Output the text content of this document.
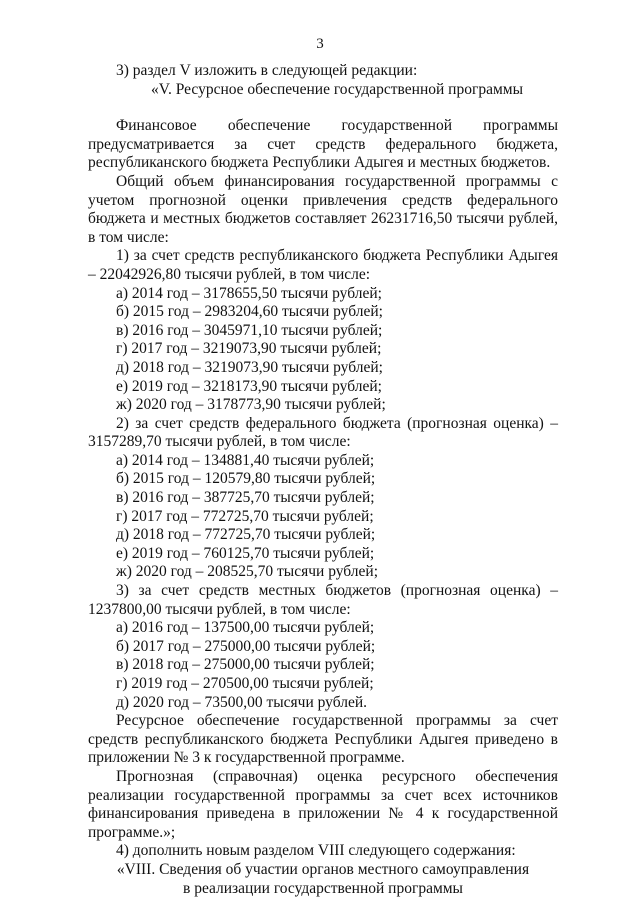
3

3) раздел V изложить в следующей редакции:

«V. Ресурсное обеспечение государственной программы

Финансовое обеспечение государственной программы предусматривается за счет средств федерального бюджета, республиканского бюджета Республики Адыгея и местных бюджетов.

Общий объем финансирования государственной программы с учетом прогнозной оценки привлечения средств федерального бюджета и местных бюджетов составляет 26231716,50 тысячи рублей, в том числе:

1) за счет средств республиканского бюджета Республики Адыгея – 22042926,80 тысячи рублей, в том числе:

а) 2014 год – 3178655,50 тысячи рублей;

б) 2015 год – 2983204,60 тысячи рублей;

в) 2016 год – 3045971,10 тысячи рублей;

г) 2017 год – 3219073,90 тысячи рублей;

д) 2018 год – 3219073,90 тысячи рублей;

е) 2019 год – 3218173,90 тысячи рублей;

ж) 2020 год – 3178773,90 тысячи рублей;

2) за счет средств федерального бюджета (прогнозная оценка) – 3157289,70 тысячи рублей, в том числе:

а) 2014 год – 134881,40 тысячи рублей;

б) 2015 год – 120579,80 тысячи рублей;

в) 2016 год – 387725,70 тысячи рублей;

г) 2017 год – 772725,70 тысячи рублей;

д) 2018 год – 772725,70 тысячи рублей;

е) 2019 год – 760125,70 тысячи рублей;

ж) 2020 год – 208525,70 тысячи рублей;

3) за счет средств местных бюджетов (прогнозная оценка) – 1237800,00 тысячи рублей, в том числе:

а) 2016 год – 137500,00 тысячи рублей;

б) 2017 год – 275000,00 тысячи рублей;

в) 2018 год – 275000,00 тысячи рублей;

г) 2019 год – 270500,00 тысячи рублей;

д) 2020 год – 73500,00 тысячи рублей.

Ресурсное обеспечение государственной программы за счет средств республиканского бюджета Республики Адыгея приведено в приложении № 3 к государственной программе.

Прогнозная (справочная) оценка ресурсного обеспечения реализации государственной программы за счет всех источников финансирования приведена в приложении № 4 к государственной программе.»;

4) дополнить новым разделом VIII следующего содержания:

«VIII. Сведения об участии органов местного самоуправления

в реализации государственной программы
